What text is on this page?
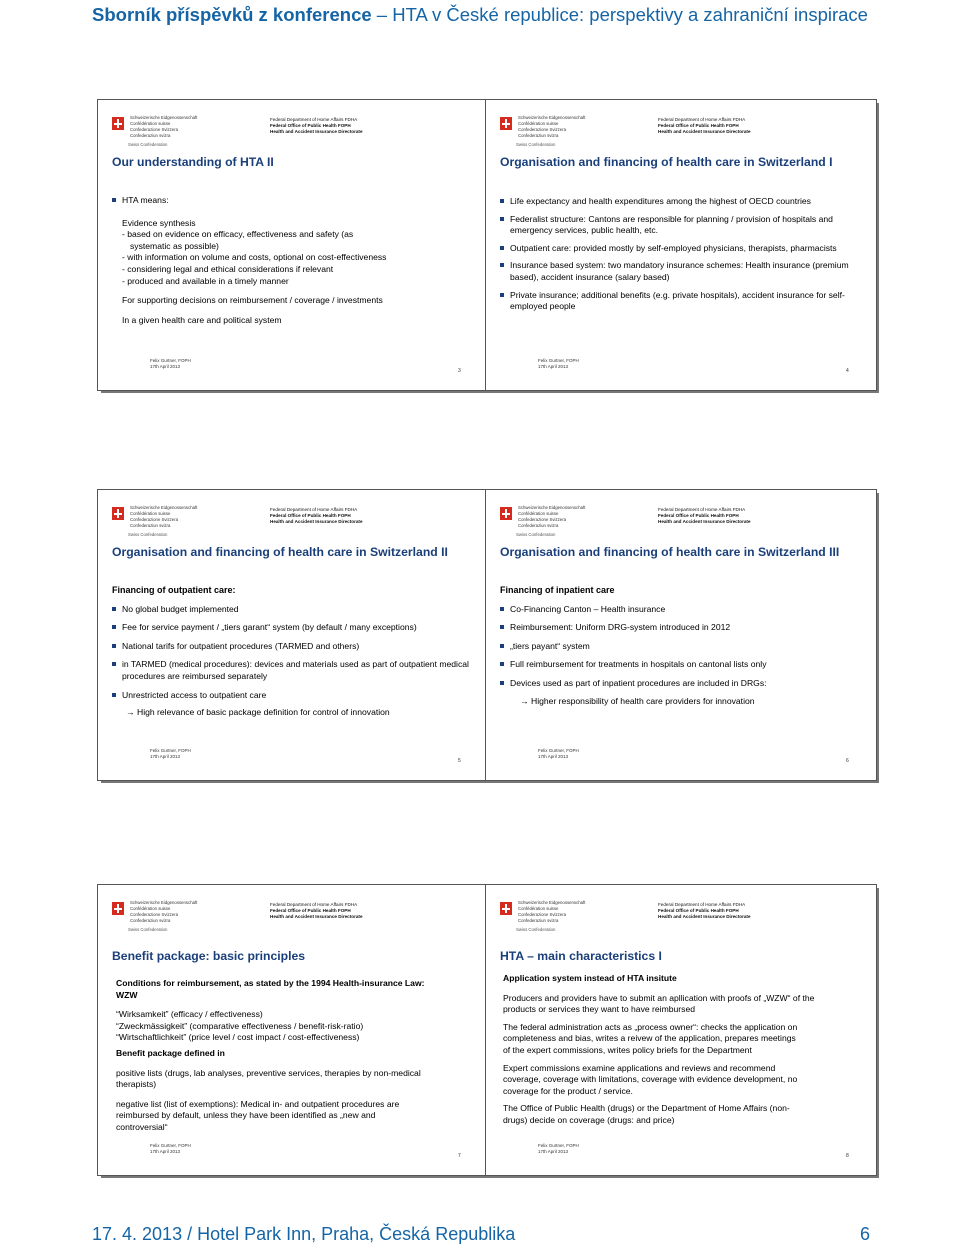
Sborník příspěvků z konference – HTA v České republice: perspektivy a zahraniční inspirace
Schweizerische Eidgenossenschaft
Confédération suisse
Confederazione Svizzera
Confederaziun svizra
Swiss Confederation
Federal Department of Home Affairs FDHA
Federal Office of Public Health FOPH
Health and Accident Insurance Directorate
Our understanding of HTA II
HTA means:

Evidence synthesis

- based on evidence on efficacy, effectiveness and safety (as

systematic as possible)

- with information on volume and costs, optional on cost-effectiveness

- considering legal and ethical considerations if relevant

- produced and available in a timely manner

For supporting decisions on reimbursement / coverage / investments

In a given health care and political system

Felix Gurtner, FOPH
17th April 2013
3
Schweizerische Eidgenossenschaft
Confédération suisse
Confederazione Svizzera
Confederaziun svizra
Swiss Confederation
Federal Department of Home Affairs FDHA
Federal Office of Public Health FOPH
Health and Accident Insurance Directorate
Organisation and financing of health care in Switzerland I
Life expectancy and health expenditures among the highest of OECD countries
Federalist structure: Cantons are responsible for planning / provision of hospitals and emergency services, public health, etc.
Outpatient care: provided mostly by self-employed physicians, therapists, pharmacists
Insurance based system: two mandatory insurance schemes: Health insurance (premium based), accident insurance (salary based)
Private insurance; additional benefits (e.g. private hospitals), accident insurance for self-employed people
Felix Gurtner, FOPH
17th April 2013
4
Schweizerische Eidgenossenschaft
Confédération suisse
Confederazione Svizzera
Confederaziun svizra
Swiss Confederation
Federal Department of Home Affairs FDHA
Federal Office of Public Health FOPH
Health and Accident Insurance Directorate
Organisation and financing of health care in Switzerland II

Financing of outpatient care:

No global budget implemented
Fee for service payment / „tiers garant“ system (by default / many exceptions)
National tarifs for outpatient procedures (TARMED and others)
in TARMED (medical procedures): devices and materials used as part of outpatient medical procedures are reimbursed separately
Unrestricted access to outpatient care
→ High relevance of basic package definition for control of innovation
Felix Gurtner, FOPH
17th April 2013
5
Schweizerische Eidgenossenschaft
Confédération suisse
Confederazione Svizzera
Confederaziun svizra
Swiss Confederation
Federal Department of Home Affairs FDHA
Federal Office of Public Health FOPH
Health and Accident Insurance Directorate
Organisation and financing of health care in Switzerland III

Financing of inpatient care

Co-Financing Canton – Health insurance
Reimbursement: Uniform DRG-system introduced in 2012
„tiers payant“ system
Full reimbursement for treatments in hospitals on cantonal lists only
Devices used as part of inpatient procedures are included in DRGs:
→ Higher responsibility of health care providers for innovation
Felix Gurtner, FOPH
17th April 2013
6
Schweizerische Eidgenossenschaft
Confédération suisse
Confederazione Svizzera
Confederaziun svizra
Swiss Confederation
Federal Department of Home Affairs FDHA
Federal Office of Public Health FOPH
Health and Accident Insurance Directorate
Benefit package: basic principles

Conditions for reimbursement, as stated by the 1994 Health-insurance Law: WZW

“Wirksamkeit” (efficacy / effectiveness)

“Zweckmässigkeit” (comparative effectiveness / benefit-risk-ratio)

“Wirtschaftlichkeit” (price level / cost impact / cost-effectiveness)

Benefit package defined in

positive lists (drugs, lab analyses, preventive services, therapies by non-medical therapists)

negative list (list of exemptions): Medical in- and outpatient procedures are reimbursed by default, unless they have been identified as „new and controversial“

Felix Gurtner, FOPH
17th April 2013
7
Schweizerische Eidgenossenschaft
Confédération suisse
Confederazione Svizzera
Confederaziun svizra
Swiss Confederation
Federal Department of Home Affairs FDHA
Federal Office of Public Health FOPH
Health and Accident Insurance Directorate
HTA – main characteristics I

Application system instead of HTA insitute

Producers and providers have to submit an apllication with proofs of „WZW“ of the products or services they want to have reimbursed

The federal administration acts as „process owner“: checks the application on completeness and bias, writes a reivew of the application, prepares meetings of the expert commissions, writes policy briefs for the Department

Expert commissions examine applications and reviews and recommend coverage, coverage with limitations, coverage with evidence development, no coverage for the product / service.

The Office of Public Health (drugs) or the Department of Home Affairs (non-drugs) decide on coverage (drugs: and price)

Felix Gurtner, FOPH
17th April 2013
8
17. 4. 2013 / Hotel Park Inn, Praha, Česká Republika	6
